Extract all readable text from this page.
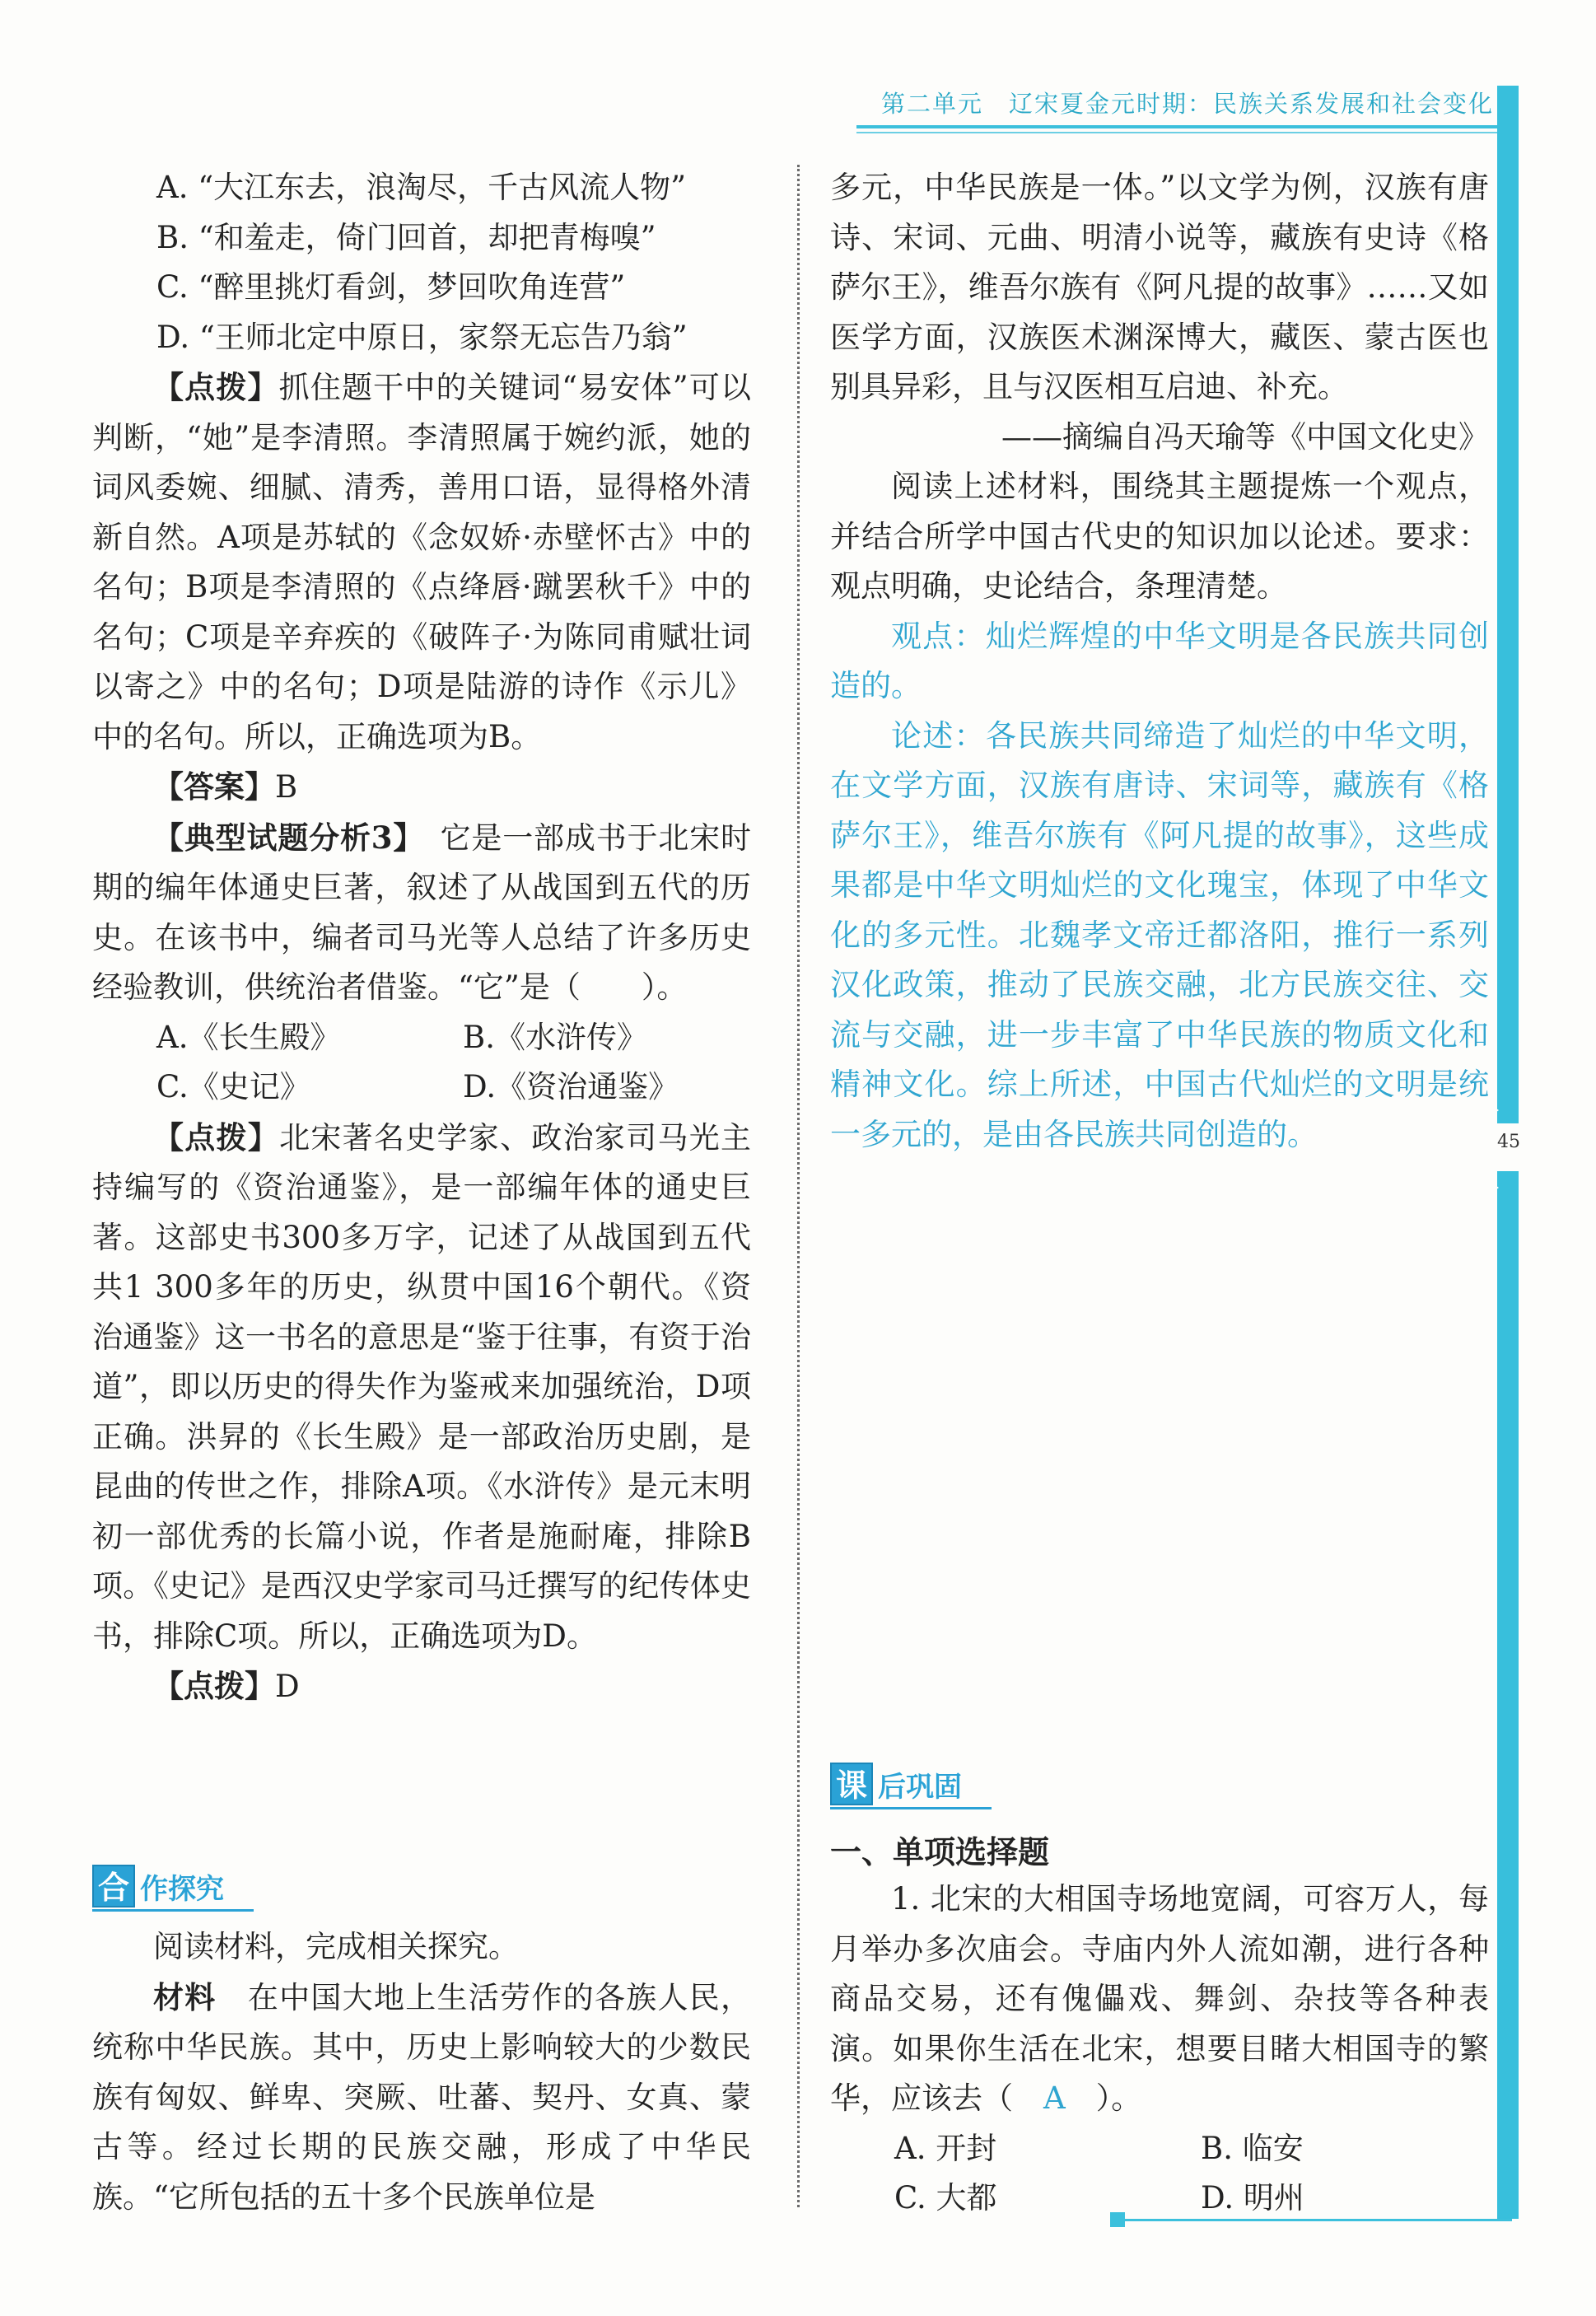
第二单元　辽宋夏金元时期：民族关系发展和社会变化
45

A. “大江东去，浪淘尽，千古风流人物”

B. “和羞走，倚门回首，却把青梅嗅”

C. “醉里挑灯看剑，梦回吹角连营”

D. “王师北定中原日，家祭无忘告乃翁”

【点拨】抓住题干中的关键词“易安体”可以判断，“她”是李清照。李清照属于婉约派，她的词风委婉、细腻、清秀，善用口语，显得格外清新自然。A项是苏轼的《念奴娇·赤壁怀古》中的名句；B项是李清照的《点绛唇·蹴罢秋千》中的名句；C项是辛弃疾的《破阵子·为陈同甫赋壮词以寄之》中的名句；D项是陆游的诗作《示儿》中的名句。所以，正确选项为B。

【答案】B

【典型试题分析3】　 它是一部成书于北宋时期的编年体通史巨著，叙述了从战国到五代的历史。在该书中，编者司马光等人总结了许多历史经验教训，供统治者借鉴。“它”是（　　）。

A.《长生殿》	B.《水浒传》
C.《史记》	D.《资治通鉴》

【点拨】北宋著名史学家、政治家司马光主持编写的《资治通鉴》，是一部编年体的通史巨著。这部史书300多万字，记述了从战国到五代共1 300多年的历史，纵贯中国16个朝代。《资治通鉴》这一书名的意思是“鉴于往事，有资于治道”，即以历史的得失作为鉴戒来加强统治，D项正确。洪昇的《长生殿》是一部政治历史剧，是昆曲的传世之作，排除A项。《水浒传》是元末明初一部优秀的长篇小说，作者是施耐庵，排除B项。《史记》是西汉史学家司马迁撰写的纪传体史书，排除C项。所以，正确选项为D。

【点拨】D

合 作探究

阅读材料，完成相关探究。

材料　 在中国大地上生活劳作的各族人民，统称中华民族。其中，历史上影响较大的少数民族有匈奴、鲜卑、突厥、吐蕃、契丹、女真、蒙古等。经过长期的民族交融，形成了中华民族。“它所包括的五十多个民族单位是

多元，中华民族是一体。”以文学为例，汉族有唐诗、宋词、元曲、明清小说等，藏族有史诗《格萨尔王》，维吾尔族有《阿凡提的故事》……又如医学方面，汉族医术渊深博大，藏医、蒙古医也别具异彩，且与汉医相互启迪、补充。

——摘编自冯天瑜等《中国文化史》

阅读上述材料，围绕其主题提炼一个观点，并结合所学中国古代史的知识加以论述。要求：观点明确，史论结合，条理清楚。

观点：灿烂辉煌的中华文明是各民族共同创造的。

论述：各民族共同缔造了灿烂的中华文明，在文学方面，汉族有唐诗、宋词等，藏族有《格萨尔王》，维吾尔族有《阿凡提的故事》，这些成果都是中华文明灿烂的文化瑰宝，体现了中华文化的多元性。北魏孝文帝迁都洛阳，推行一系列汉化政策，推动了民族交融，北方民族交往、交流与交融，进一步丰富了中华民族的物质文化和精神文化。综上所述，中国古代灿烂的文明是统一多元的，是由各民族共同创造的。

课 后巩固
一、单项选择题

1. 北宋的大相国寺场地宽阔，可容万人，每月举办多次庙会。寺庙内外人流如潮，进行各种商品交易，还有傀儡戏、舞剑、杂技等各种表演。如果你生活在北宋，想要目睹大相国寺的繁华，应该去（　 A　 ）。

A. 开封	B. 临安
C. 大都	D. 明州
